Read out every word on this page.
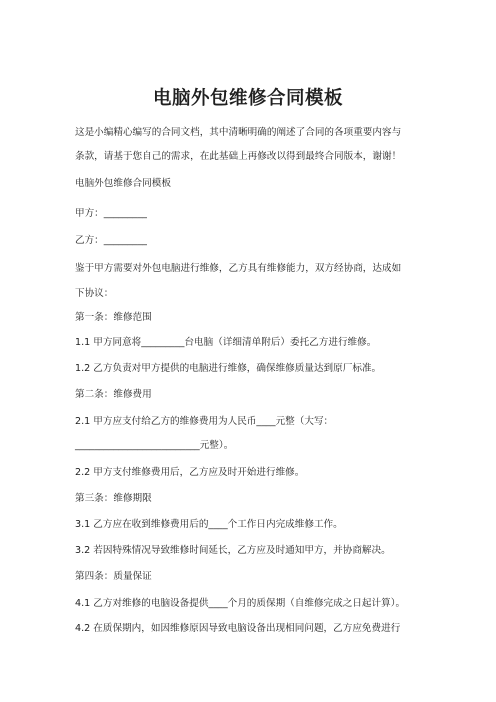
电脑外包维修合同模板
这是小编精心编写的合同文档，其中清晰明确的阐述了合同的各项重要内容与
条款，请基于您自己的需求，在此基础上再修改以得到最终合同版本，谢谢！
电脑外包维修合同模板
甲方：_________
乙方：_________
鉴于甲方需要对外包电脑进行维修，乙方具有维修能力，双方经协商，达成如
下协议：
第一条：维修范围
1.1 甲方同意将_________台电脑（详细清单附后）委托乙方进行维修。
1.2 乙方负责对甲方提供的电脑进行维修，确保维修质量达到原厂标准。
第二条：维修费用
2.1 甲方应支付给乙方的维修费用为人民币____元整（大写：
__________________________元整）。
2.2 甲方支付维修费用后，乙方应及时开始进行维修。
第三条：维修期限
3.1 乙方应在收到维修费用后的____个工作日内完成维修工作。
3.2 若因特殊情况导致维修时间延长，乙方应及时通知甲方，并协商解决。
第四条：质量保证
4.1 乙方对维修的电脑设备提供____个月的质保期（自维修完成之日起计算）。
4.2 在质保期内，如因维修原因导致电脑设备出现相同问题，乙方应免费进行
